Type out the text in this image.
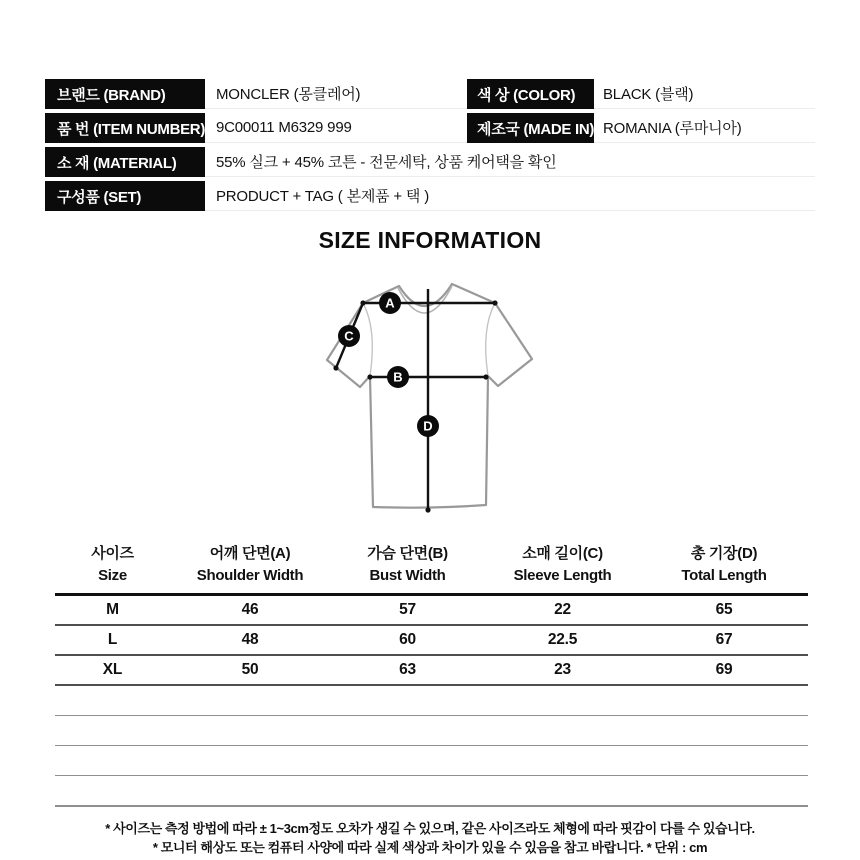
브랜드 (BRAND)	MONCLER (몽클레어)	색 상 (COLOR)	BLACK (블랙)
품 번 (ITEM NUMBER) 9C00011 M6329 999	제조국 (MADE IN) ROMANIA (루마니아)
소 재 (MATERIAL)	55% 실크 + 45% 코튼 - 전문세탁, 상품 케어택을 확인
구성품 (SET)	PRODUCT + TAG ( 본제품 + 택 )
SIZE INFORMATION
A
B
C
D
사이즈
Size
어깨 단면(A)
Shoulder Width
가슴 단면(B)
Bust Width
소매 길이(C)
Sleeve Length
총 기장(D)
Total Length
M	46	57	22	65
L	48	60	22.5	67
XL	50	63	23	69

* 사이즈는 측정 방법에 따라 ± 1~3cm정도 오차가 생길 수 있으며, 같은 사이즈라도 체형에 따라 핏감이 다를 수 있습니다.

* 모니터 해상도 또는 컴퓨터 사양에 따라 실제 색상과 차이가 있을 수 있음을 참고 바랍니다. * 단위 : cm
